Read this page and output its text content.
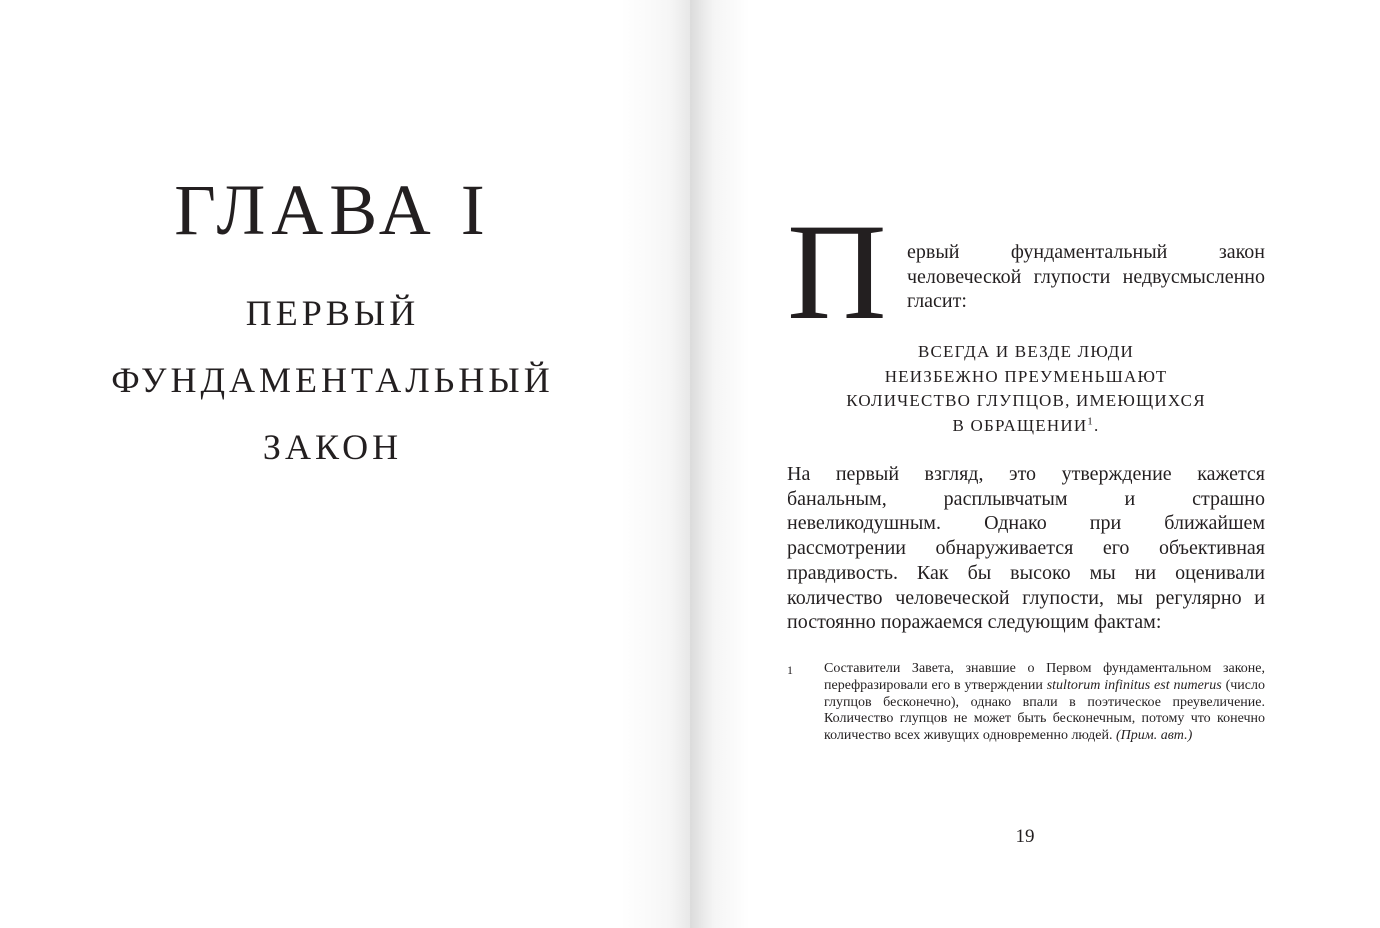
ГЛАВА I
ПЕРВЫЙ
ФУНДАМЕНТАЛЬНЫЙ
ЗАКОН
П	ервый фундаментальный закон человеческой глупости недвусмысленно гласит:

ВСЕГДА И ВЕЗДЕ ЛЮДИ
НЕИЗБЕЖНО ПРЕУМЕНЬШАЮТ
КОЛИЧЕСТВО ГЛУПЦОВ, ИМЕЮЩИХСЯ
В ОБРАЩЕНИИ$^1$.

На первый взгляд, это утверждение кажется банальным, расплывчатым и страшно невеликодушным. Однако при ближайшем рассмотрении обнаруживается его объективная правдивость. Как бы высоко мы ни оценивали количество человеческой глупости, мы регулярно и постоянно поражаемся следующим фактам:

1	Составители Завета, знавшие о Первом фундаментальном законе, перефразировали его в утверждении stultorum infinitus est numerus (число глупцов бесконечно), однако впали в поэтическое преувеличение. Количество глупцов не может быть бесконечным, потому что конечно количество всех живущих одновременно людей. (Прим. авт.)

19
